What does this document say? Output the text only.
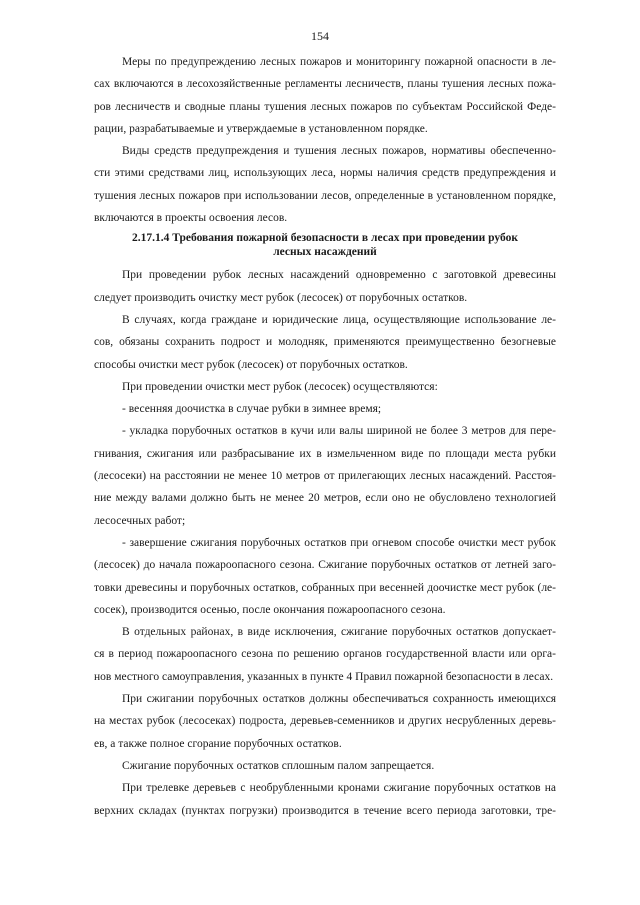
154

Меры по предупреждению лесных пожаров и мониторингу пожарной опасности в ле-
сах включаются в лесохозяйственные регламенты лесничеств, планы тушения лесных пожа-
ров лесничеств и сводные планы тушения лесных пожаров по субъектам Российской Феде-
рации, разрабатываемые и утверждаемые в установленном порядке.

Виды средств предупреждения и тушения лесных пожаров, нормативы обеспеченно-
сти этими средствами лиц, использующих леса, нормы наличия средств предупреждения и
тушения лесных пожаров при использовании лесов, определенные в установленном порядке,
включаются в проекты освоения лесов.

2.17.1.4 Требования пожарной безопасности в лесах при проведении рубок
лесных насаждений

При проведении рубок лесных насаждений одновременно с заготовкой древесины
следует производить очистку мест рубок (лесосек) от порубочных остатков.

В случаях, когда граждане и юридические лица, осуществляющие использование ле-
сов, обязаны сохранить подрост и молодняк, применяются преимущественно безогневые
способы очистки мест рубок (лесосек) от порубочных остатков.

При проведении очистки мест рубок (лесосек) осуществляются:

- весенняя доочистка в случае рубки в зимнее время;

- укладка порубочных остатков в кучи или валы шириной не более 3 метров для пере-
гнивания, сжигания или разбрасывание их в измельченном виде по площади места рубки
(лесосеки) на расстоянии не менее 10 метров от прилегающих лесных насаждений. Расстоя-
ние между валами должно быть не менее 20 метров, если оно не обусловлено технологией
лесосечных работ;

- завершение сжигания порубочных остатков при огневом способе очистки мест рубок
(лесосек) до начала пожароопасного сезона. Сжигание порубочных остатков от летней заго-
товки древесины и порубочных остатков, собранных при весенней доочистке мест рубок (ле-
сосек), производится осенью, после окончания пожароопасного сезона.

В отдельных районах, в виде исключения, сжигание порубочных остатков допускает-
ся в период пожароопасного сезона по решению органов государственной власти или орга-
нов местного самоуправления, указанных в пункте 4 Правил пожарной безопасности в лесах.

При сжигании порубочных остатков должны обеспечиваться сохранность имеющихся
на местах рубок (лесосеках) подроста, деревьев-семенников и других несрубленных деревь-
ев, а также полное сгорание порубочных остатков.

Сжигание порубочных остатков сплошным палом запрещается.

При трелевке деревьев с необрубленными кронами сжигание порубочных остатков на
верхних складах (пунктах погрузки) производится в течение всего периода заготовки, тре-
